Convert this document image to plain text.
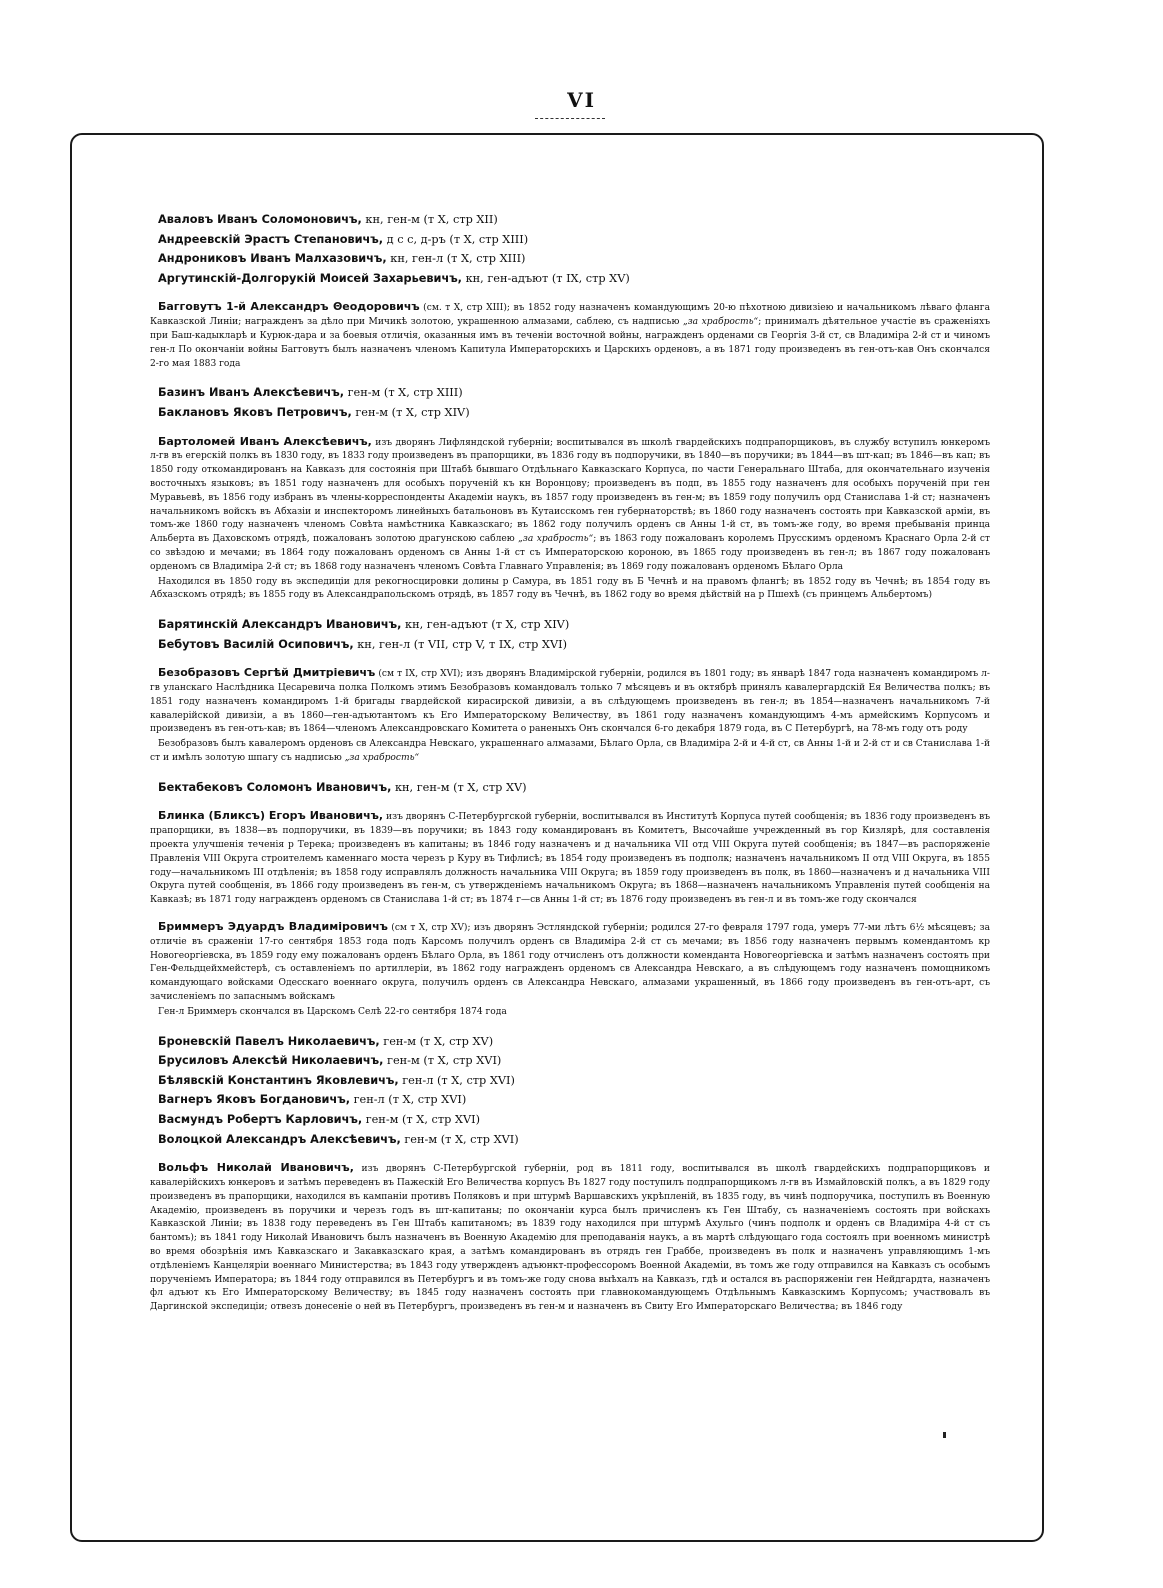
VI

Аваловъ Иванъ Соломоновичъ, кн, ген-м (т X, стр XII)

Андреевскій Эрастъ Степановичъ, д с с, д-ръ (т X, стр XIII)

Андрониковъ Иванъ Малхазовичъ, кн, ген-л (т X, стр XIII)

Аргутинскій-Долгорукій Моисей Захарьевичъ, кн, ген-адъют (т IX, стр XV)

Багговутъ 1-й Александръ Θеодоровичъ (см. т X, стр XIII); въ 1852 году назначенъ командующимъ 20-ю пѣхотною дивизіею и начальникомъ лѣваго фланга Кавказской Линіи; награжденъ за дѣло при Мичикѣ золотою, украшенною алмазами, саблею, съ надписью „за храбрость“; принималъ дѣятельное участіе въ сраженіяхъ при Баш-кадыкларѣ и Курюк-дара и за боевыя отличія, оказанныя имъ въ теченіи восточной войны, награжденъ орденами св Георгія 3-й ст, св Владиміра 2-й ст и чиномъ ген-л По окончаніи войны Багговутъ былъ назначенъ членомъ Капитула Императорскихъ и Царскихъ орденовъ, а въ 1871 году произведенъ въ ген-отъ-кав Онъ скончался 2-го мая 1883 года

Базинъ Иванъ Алексѣевичъ, ген-м (т X, стр XIII)

Баклановъ Яковъ Петровичъ, ген-м (т X, стр XIV)

Бартоломей Иванъ Алексѣевичъ, изъ дворянъ Лифляндской губерніи; воспитывался въ школѣ гвардейскихъ подпрапорщиковъ, въ службу вступилъ юнкеромъ л-гв въ егерскій полкъ въ 1830 году, въ 1833 году произведенъ въ прапорщики, въ 1836 году въ подпоручики, въ 1840—въ поручики; въ 1844—въ шт-кап; въ 1846—въ кап; въ 1850 году откомандированъ на Кавказъ для состоянія при Штабѣ бывшаго Отдѣльнаго Кавказскаго Корпуса, по части Генеральнаго Штаба, для окончательнаго изученія восточныхъ языковъ; въ 1851 году назначенъ для особыхъ порученій къ кн Воронцову; произведенъ въ подп, въ 1855 году назначенъ для особыхъ порученій при ген Муравьевѣ, въ 1856 году избранъ въ члены-корреспонденты Академіи наукъ, въ 1857 году произведенъ въ ген-м; въ 1859 году получилъ орд Станислава 1-й ст; назначенъ начальникомъ войскъ въ Абхазіи и инспекторомъ линейныхъ батальоновъ въ Кутаисскомъ ген губернаторствѣ; въ 1860 году назначенъ состоять при Кавказской арміи, въ томъ-же 1860 году назначенъ членомъ Совѣта намѣстника Кавказскаго; въ 1862 году получилъ орденъ св Анны 1-й ст, въ томъ-же году, во время пребыванія принца Альберта въ Даховскомъ отрядѣ, пожалованъ золотою драгунскою саблею „за храбрость“; въ 1863 году пожалованъ королемъ Прусскимъ орденомъ Краснаго Орла 2-й ст со звѣздою и мечами; въ 1864 году пожалованъ орденомъ св Анны 1-й ст съ Императорскою короною, въ 1865 году произведенъ въ ген-л; въ 1867 году пожалованъ орденомъ св Владиміра 2-й ст; въ 1868 году назначенъ членомъ Совѣта Главнаго Управленія; въ 1869 году пожалованъ орденомъ Бѣлаго Орла

Находился въ 1850 году въ экспедиціи для рекогносцировки долины р Самура, въ 1851 году въ Б Чечнѣ и на правомъ флангѣ; въ 1852 году въ Чечнѣ; въ 1854 году въ Абхазскомъ отрядѣ; въ 1855 году въ Александрапольскомъ отрядѣ, въ 1857 году въ Чечнѣ, въ 1862 году во время дѣйствій на р Пшехѣ (съ принцемъ Альбертомъ)

Барятинскій Александръ Ивановичъ, кн, ген-адъют (т X, стр XIV)

Бебутовъ Василій Осиповичъ, кн, ген-л (т VII, стр V, т IX, стр XVI)

Безобразовъ Сергѣй Дмитріевичъ (см т IX, стр XVI); изъ дворянъ Владимірской губерніи, родился въ 1801 году; въ январѣ 1847 года назначенъ командиромъ л-гв уланскаго Наслѣдника Цесаревича полка Полкомъ этимъ Безобразовъ командовалъ только 7 мѣсяцевъ и въ октябрѣ принялъ кавалергардскій Ея Величества полкъ; въ 1851 году назначенъ командиромъ 1-й бригады гвардейской кирасирской дивизіи, а въ слѣдующемъ произведенъ въ ген-л; въ 1854—назначенъ начальникомъ 7-й кавалерійской дивизіи, а въ 1860—ген-адъютантомъ къ Его Императорскому Величеству, въ 1861 году назначенъ командующимъ 4-мъ армейскимъ Корпусомъ и произведенъ въ ген-отъ-кав; въ 1864—членомъ Александровскаго Комитета о раненыхъ Онъ скончался 6-го декабря 1879 года, въ С Петербургѣ, на 78-мъ году отъ роду

Безобразовъ былъ кавалеромъ орденовъ св Александра Невскаго, украшеннаго алмазами, Бѣлаго Орла, св Владиміра 2-й и 4-й ст, св Анны 1-й и 2-й ст и св Станислава 1-й ст и имѣлъ золотую шпагу съ надписью „за храбрость“

Бектабековъ Соломонъ Ивановичъ, кн, ген-м (т X, стр XV)

Блинка (Бликсъ) Егоръ Ивановичъ, изъ дворянъ С-Петербургской губерніи, воспитывался въ Институтѣ Корпуса путей сообщенія; въ 1836 году произведенъ въ прапорщики, въ 1838—въ подпоручики, въ 1839—въ поручики; въ 1843 году командированъ въ Комитетъ, Высочайше учрежденный въ гор Кизлярѣ, для составленія проекта улучшенія теченія р Терека; произведенъ въ капитаны; въ 1846 году назначенъ и д начальника VII отд VIII Округа путей сообщенія; въ 1847—въ распоряженіе Правленія VIII Округа строителемъ каменнаго моста черезъ р Куру въ Тифлисѣ; въ 1854 году произведенъ въ подполк; назначенъ начальникомъ II отд VIII Округа, въ 1855 году—начальникомъ III отдѣленія; въ 1858 году исправлялъ должность начальника VIII Округа; въ 1859 году произведенъ въ полк, въ 1860—назначенъ и д начальника VIII Округа путей сообщенія, въ 1866 году произведенъ въ ген-м, съ утвержденіемъ начальникомъ Округа; въ 1868—назначенъ начальникомъ Управленія путей сообщенія на Кавказѣ; въ 1871 году награжденъ орденомъ св Станислава 1-й ст; въ 1874 г—св Анны 1-й ст; въ 1876 году произведенъ въ ген-л и въ томъ-же году скончался

Бриммеръ Эдуардъ Владиміровичъ (см т X, стр XV); изъ дворянъ Эстляндской губерніи; родился 27-го февраля 1797 года, умеръ 77-ми лѣтъ 6½ мѣсяцевъ; за отличіе въ сраженіи 17-го сентября 1853 года подъ Карсомъ получилъ орденъ св Владиміра 2-й ст съ мечами; въ 1856 году назначенъ первымъ комендантомъ кр Новогеоргіевска, въ 1859 году ему пожалованъ орденъ Бѣлаго Орла, въ 1861 году отчисленъ отъ должности коменданта Новогеоргіевска и затѣмъ назначенъ состоять при Ген-Фельдцейхмейстерѣ, съ оставленіемъ по артиллеріи, въ 1862 году награжденъ орденомъ св Александра Невскаго, а въ слѣдующемъ году назначенъ помощникомъ командующаго войсками Одесскаго военнаго округа, получилъ орденъ св Александра Невскаго, алмазами украшенный, въ 1866 году произведенъ въ ген-отъ-арт, съ зачисленіемъ по запаснымъ войскамъ

Ген-л Бриммеръ скончался въ Царскомъ Селѣ 22-го сентября 1874 года

Броневскій Павелъ Николаевичъ, ген-м (т X, стр XV)

Брусиловъ Алексѣй Николаевичъ, ген-м (т X, стр XVI)

Бѣлявскій Константинъ Яковлевичъ, ген-л (т X, стр XVI)

Вагнеръ Яковъ Богдановичъ, ген-л (т X, стр XVI)

Васмундъ Робертъ Карловичъ, ген-м (т X, стр XVI)

Волоцкой Александръ Алексѣевичъ, ген-м (т X, стр XVI)

Вольфъ Николай Ивановичъ, изъ дворянъ С-Петербургской губерніи, род въ 1811 году, воспитывался въ школѣ гвардейскихъ подпрапорщиковъ и кавалерійскихъ юнкеровъ и затѣмъ переведенъ въ Пажескій Его Величества корпусъ Въ 1827 году поступилъ подпрапорщикомъ л-гв въ Измайловскій полкъ, а въ 1829 году произведенъ въ прапорщики, находился въ кампаніи противъ Поляковъ и при штурмѣ Варшавскихъ укрѣпленій, въ 1835 году, въ чинѣ подпоручика, поступилъ въ Военную Академію, произведенъ въ поручики и черезъ годъ въ шт-капитаны; по окончаніи курса былъ причисленъ къ Ген Штабу, съ назначеніемъ состоять при войскахъ Кавказской Линіи; въ 1838 году переведенъ въ Ген Штабъ капитаномъ; въ 1839 году находился при штурмѣ Ахульго (чинъ подполк и орденъ св Владиміра 4-й ст съ бантомъ); въ 1841 году Николай Ивановичъ былъ назначенъ въ Военную Академію для преподаванія наукъ, а въ мартѣ слѣдующаго года состоялъ при военномъ министрѣ во время обозрѣнія имъ Кавказскаго и Закавказскаго края, а затѣмъ командированъ въ отрядъ ген Граббе, произведенъ въ полк и назначенъ управляющимъ 1-мъ отдѣленіемъ Канцеляріи военнаго Министерства; въ 1843 году утвержденъ адъюнкт-профессоромъ Военной Академіи, въ томъ же году отправился на Кавказъ съ особымъ порученіемъ Императора; въ 1844 году отправился въ Петербургъ и въ томъ-же году снова выѣхалъ на Кавказъ, гдѣ и остался въ распоряженіи ген Нейдгардта, назначенъ фл адъют къ Его Императорскому Величеству; въ 1845 году назначенъ состоять при главнокомандующемъ Отдѣльнымъ Кавказскимъ Корпусомъ; участвовалъ въ Даргинской экспедиціи; отвезъ донесеніе о ней въ Петербургъ, произведенъ въ ген-м и назначенъ въ Свиту Его Императорскаго Величества; въ 1846 году
